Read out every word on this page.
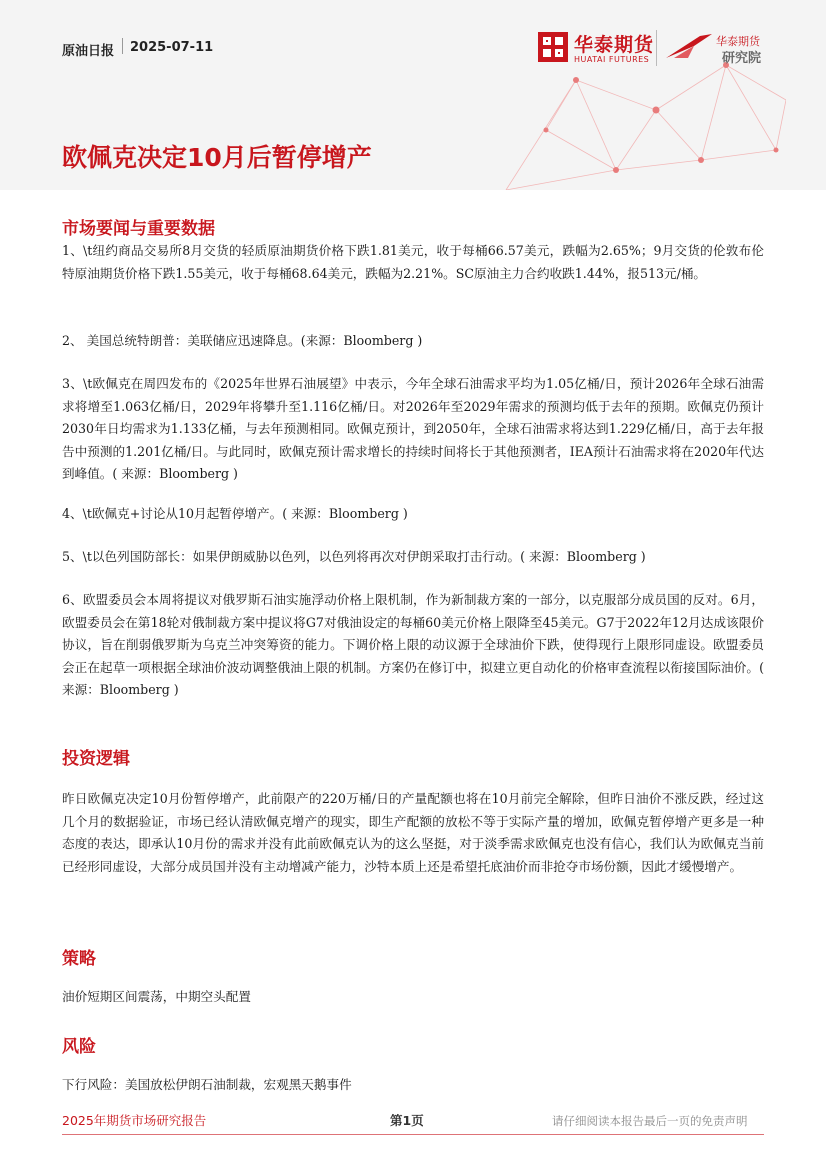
原油日报 2025-07-11	华泰期货
HUATAI FUTURES
华泰期货
研究院
欧佩克决定10月后暂停增产
市场要闻与重要数据

1、\t纽约商品交易所8月交货的轻质原油期货价格下跌1.81美元，收于每桶66.57美元，跌幅为2.65%；9月交货的伦敦布伦特原油期货价格下跌1.55美元，收于每桶68.64美元，跌幅为2.21%。SC原油主力合约收跌1.44%，报513元/桶。

2、 美国总统特朗普：美联储应迅速降息。(来源：Bloomberg )

3、\t欧佩克在周四发布的《2025年世界石油展望》中表示，今年全球石油需求平均为1.05亿桶/日，预计2026年全球石油需求将增至1.063亿桶/日，2029年将攀升至1.116亿桶/日。对2026年至2029年需求的预测均低于去年的预期。欧佩克仍预计2030年日均需求为1.133亿桶，与去年预测相同。欧佩克预计，到2050年，全球石油需求将达到1.229亿桶/日，高于去年报告中预测的1.201亿桶/日。与此同时，欧佩克预计需求增长的持续时间将长于其他预测者，IEA预计石油需求将在2020年代达到峰值。( 来源：Bloomberg )

4、\t欧佩克+讨论从10月起暂停增产。( 来源：Bloomberg )

5、\t以色列国防部长：如果伊朗威胁以色列，以色列将再次对伊朗采取打击行动。( 来源：Bloomberg )

6、欧盟委员会本周将提议对俄罗斯石油实施浮动价格上限机制，作为新制裁方案的一部分，以克服部分成员国的反对。6月，欧盟委员会在第18轮对俄制裁方案中提议将G7对俄油设定的每桶60美元价格上限降至45美元。G7于2022年12月达成该限价协议，旨在削弱俄罗斯为乌克兰冲突筹资的能力。下调价格上限的动议源于全球油价下跌，使得现行上限形同虚设。欧盟委员会正在起草一项根据全球油价波动调整俄油上限的机制。方案仍在修订中，拟建立更自动化的价格审查流程以衔接国际油价。( 来源：Bloomberg )

投资逻辑

昨日欧佩克决定10月份暂停增产，此前限产的220万桶/日的产量配额也将在10月前完全解除，但昨日油价不涨反跌，经过这几个月的数据验证，市场已经认清欧佩克增产的现实，即生产配额的放松不等于实际产量的增加，欧佩克暂停增产更多是一种态度的表达，即承认10月份的需求并没有此前欧佩克认为的这么坚挺，对于淡季需求欧佩克也没有信心，我们认为欧佩克当前已经形同虚设，大部分成员国并没有主动增减产能力，沙特本质上还是希望托底油价而非抢夺市场份额，因此才缓慢增产。

策略

油价短期区间震荡，中期空头配置

风险

下行风险：美国放松伊朗石油制裁，宏观黑天鹅事件

2025年期货市场研究报告	第1页	请仔细阅读本报告最后一页的免责声明
